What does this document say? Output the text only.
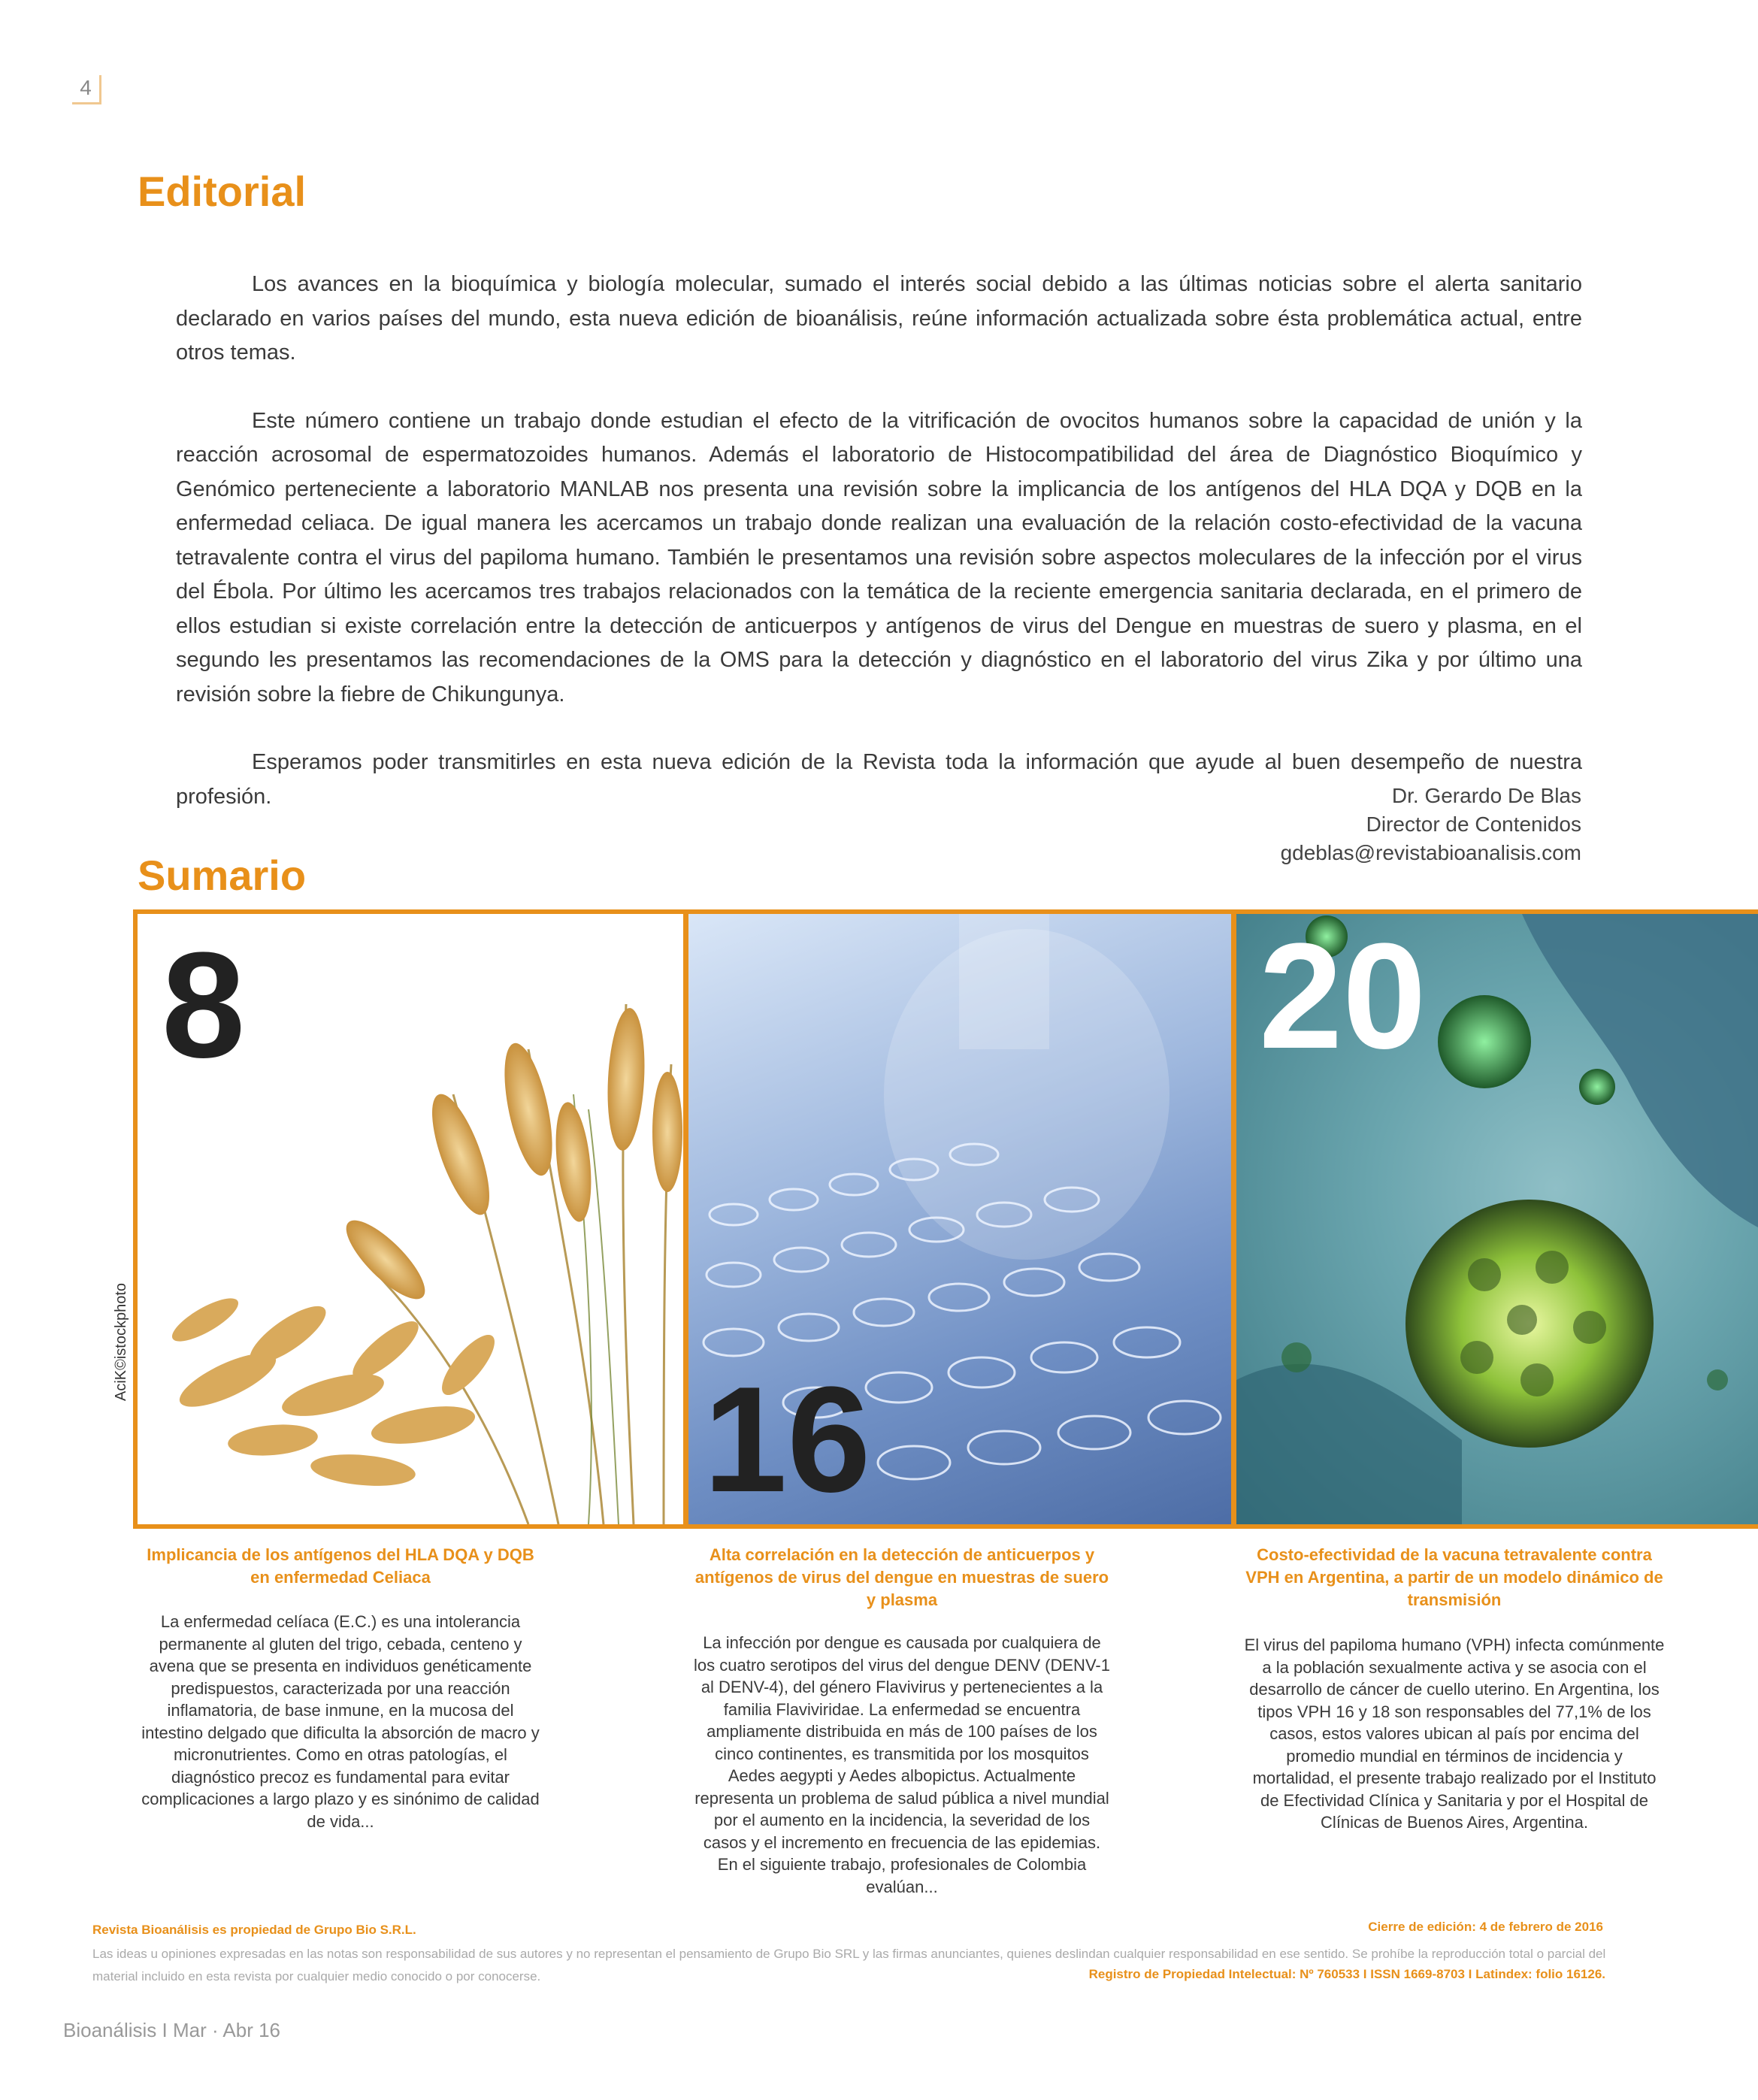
4
Editorial

Los avances en la bioquímica y biología molecular, sumado el interés social debido a las últimas noticias sobre el alerta sanitario declarado en varios países del mundo, esta nueva edición de bioanálisis, reúne información actualizada sobre ésta problemática actual, entre otros temas.

Este número contiene un trabajo donde estudian el efecto de la vitrificación de ovocitos humanos sobre la capacidad de unión y la reacción acrosomal de espermatozoides humanos. Además el laboratorio de Histocompatibilidad del área de Diagnóstico Bioquímico y Genómico perteneciente a laboratorio MANLAB nos presenta una revisión sobre la implicancia de los antígenos del HLA DQA y DQB en la enfermedad celiaca. De igual manera les acercamos un trabajo donde realizan una evaluación de la relación costo-efectividad de la vacuna tetravalente contra el virus del papiloma humano. También le presentamos una revisión sobre aspectos moleculares de la infección por el virus del Ébola. Por último les acercamos tres trabajos relacionados con la temática de la reciente emergencia sanitaria declarada, en el primero de ellos estudian si existe correlación entre la detección de anticuerpos y antígenos de virus del Dengue en muestras de suero y plasma, en el segundo les presentamos las recomendaciones de la OMS para la detección y diagnóstico en el laboratorio del virus Zika y por último una revisión sobre la fiebre de Chikungunya.

Esperamos poder transmitirles en esta nueva edición de la Revista toda la información que ayude al buen desempeño de nuestra profesión.	Dr. Gerardo De Blas
Director de Contenidos
gdeblas@revistabioanalisis.com
Sumario
AciK©istockphoto
8
16
20
Implicancia de los antígenos del HLA DQA y DQB en enfermedad Celiaca
La enfermedad celíaca (E.C.) es una intolerancia permanente al gluten del trigo, cebada, centeno y avena que se presenta en individuos genéticamente predispuestos, caracterizada por una reacción inflamatoria, de base inmune, en la mucosa del intestino delgado que dificulta la absorción de macro y micronutrientes. Como en otras patologías, el diagnóstico precoz es fundamental para evitar complicaciones a largo plazo y es sinónimo de calidad de vida...
Alta correlación en la detección de anticuerpos y antígenos de virus del dengue en muestras de suero y plasma
La infección por dengue es causada por cualquiera de los cuatro serotipos del virus del dengue DENV (DENV-1 al DENV-4), del género Flavivirus y pertenecientes a la familia Flaviviridae. La enfermedad se encuentra ampliamente distribuida en más de 100 países de los cinco continentes, es transmitida por los mosquitos Aedes aegypti y Aedes albopictus. Actualmente representa un problema de salud pública a nivel mundial por el aumento en la incidencia, la severidad de los casos y el incremento en frecuencia de las epidemias. En el siguiente trabajo, profesionales de Colombia evalúan...
Costo-efectividad de la vacuna tetravalente contra VPH en Argentina, a partir de un modelo dinámico de transmisión
El virus del papiloma humano (VPH) infecta comúnmente a la población sexualmente activa y se asocia con el desarrollo de cáncer de cuello uterino. En Argentina, los tipos VPH 16 y 18 son responsables del 77,1% de los casos, estos valores ubican al país por encima del promedio mundial en términos de incidencia y mortalidad, el presente trabajo realizado por el Instituto de Efectividad Clínica y Sanitaria y por el Hospital de Clínicas de Buenos Aires, Argentina.
Revista Bioanálisis es propiedad de Grupo Bio S.R.L.	Cierre de edición: 4 de febrero de 2016
Las ideas u opiniones expresadas en las notas son responsabilidad de sus autores y no representan el pensamiento de Grupo Bio SRL y las firmas anunciantes, quienes deslindan cualquier responsabilidad en ese sentido. Se prohíbe la reproducción total o parcial del material incluido en esta revista por cualquier medio conocido o por conocerse.	Registro de Propiedad Intelectual: Nº 760533 I ISSN 1669-8703 I Latindex: folio 16126.
Bioanálisis I Mar · Abr 16
